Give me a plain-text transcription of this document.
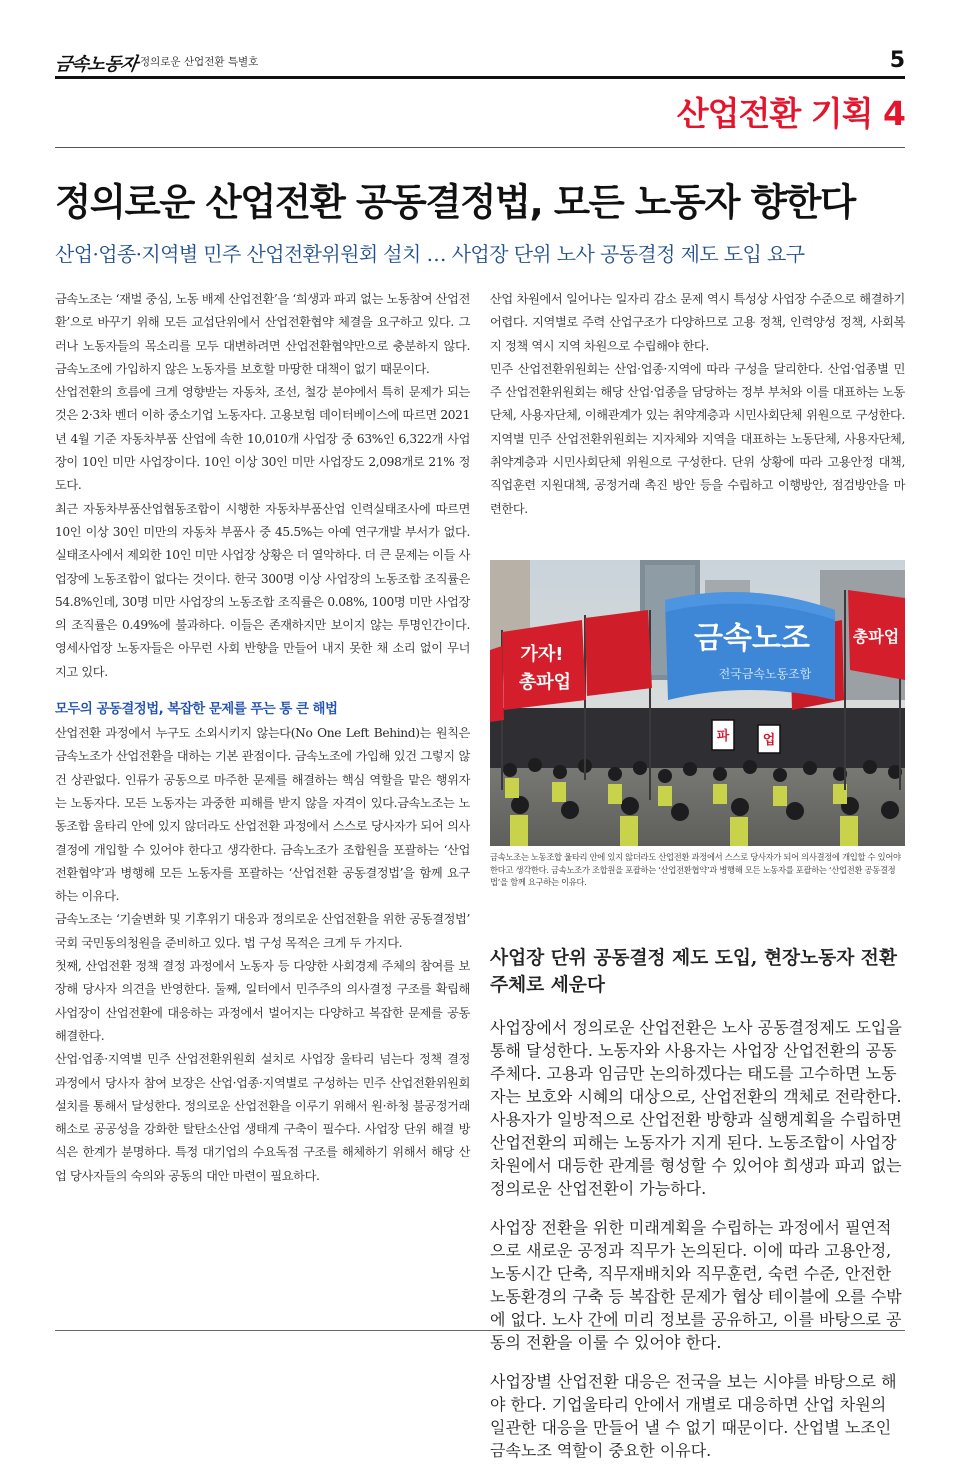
금속노동자 정의로운 산업전환 특별호	5
산업전환 기획 4
정의로운 산업전환 공동결정법, 모든 노동자 향한다
산업·업종·지역별 민주 산업전환위원회 설치 … 사업장 단위 노사 공동결정 제도 도입 요구

금속노조는 ‘재벌 중심, 노동 배제 산업전환’을 ‘희생과 파괴 없는 노동참여 산업전환’으로 바꾸기 위해 모든 교섭단위에서 산업전환협약 체결을 요구하고 있다. 그러나 노동자들의 목소리를 모두 대변하려면 산업전환협약만으로 충분하지 않다. 금속노조에 가입하지 않은 노동자를 보호할 마땅한 대책이 없기 때문이다.

산업전환의 흐름에 크게 영향받는 자동차, 조선, 철강 분야에서 특히 문제가 되는 것은 2·3차 벤더 이하 중소기업 노동자다. 고용보험 데이터베이스에 따르면 2021년 4월 기준 자동차부품 산업에 속한 10,010개 사업장 중 63%인 6,322개 사업장이 10인 미만 사업장이다. 10인 이상 30인 미만 사업장도 2,098개로 21% 정도다.

최근 자동차부품산업협동조합이 시행한 자동차부품산업 인력실태조사에 따르면 10인 이상 30인 미만의 자동차 부품사 중 45.5%는 아예 연구개발 부서가 없다. 실태조사에서 제외한 10인 미만 사업장 상황은 더 열악하다. 더 큰 문제는 이들 사업장에 노동조합이 없다는 것이다. 한국 300명 이상 사업장의 노동조합 조직률은 54.8%인데, 30명 미만 사업장의 노동조합 조직률은 0.08%, 100명 미만 사업장의 조직률은 0.49%에 불과하다. 이들은 존재하지만 보이지 않는 투명인간이다. 영세사업장 노동자들은 아무런 사회 반향을 만들어 내지 못한 채 소리 없이 무너지고 있다.

모두의 공동결정법, 복잡한 문제를 푸는 통 큰 해법

산업전환 과정에서 누구도 소외시키지 않는다(No One Left Behind)는 원칙은 금속노조가 산업전환을 대하는 기본 관점이다. 금속노조에 가입해 있건 그렇지 않건 상관없다. 인류가 공동으로 마주한 문제를 해결하는 핵심 역할을 맡은 행위자는 노동자다. 모든 노동자는 과중한 피해를 받지 않을 자격이 있다.금속노조는 노동조합 울타리 안에 있지 않더라도 산업전환 과정에서 스스로 당사자가 되어 의사결정에 개입할 수 있어야 한다고 생각한다. 금속노조가 조합원을 포괄하는 ‘산업전환협약’과 병행해 모든 노동자를 포괄하는 ‘산업전환 공동결정법’을 함께 요구하는 이유다.

금속노조는 ‘기술변화 및 기후위기 대응과 정의로운 산업전환을 위한 공동결정법’ 국회 국민동의청원을 준비하고 있다. 법 구성 목적은 크게 두 가지다.

첫째, 산업전환 정책 결정 과정에서 노동자 등 다양한 사회경제 주체의 참여를 보장해 당사자 의견을 반영한다. 둘째, 일터에서 민주주의 의사결정 구조를 확립해 사업장이 산업전환에 대응하는 과정에서 벌어지는 다양하고 복잡한 문제를 공동 해결한다.

산업·업종·지역별 민주 산업전환위원회 설치로 사업장 울타리 넘는다 정책 결정 과정에서 당사자 참여 보장은 산업·업종·지역별로 구성하는 민주 산업전환위원회 설치를 통해서 달성한다. 정의로운 산업전환을 이루기 위해서 원·하청 불공정거래 해소로 공공성을 강화한 탈탄소산업 생태계 구축이 필수다. 사업장 단위 해결 방식은 한계가 분명하다. 특정 대기업의 수요독점 구조를 해체하기 위해서 해당 산업 당사자들의 숙의와 공동의 대안 마련이 필요하다.

산업 차원에서 일어나는 일자리 감소 문제 역시 특성상 사업장 수준으로 해결하기 어렵다. 지역별로 주력 산업구조가 다양하므로 고용 정책, 인력양성 정책, 사회복지 정책 역시 지역 차원으로 수립해야 한다.

민주 산업전환위원회는 산업·업종·지역에 따라 구성을 달리한다. 산업·업종별 민주 산업전환위원회는 해당 산업·업종을 담당하는 정부 부처와 이를 대표하는 노동단체, 사용자단체, 이해관계가 있는 취약계층과 시민사회단체 위원으로 구성한다.지역별 민주 산업전환위원회는 지자체와 지역을 대표하는 노동단체, 사용자단체, 취약계층과 시민사회단체 위원으로 구성한다. 단위 상황에 따라 고용안정 대책, 직업훈련 지원대책, 공정거래 촉진 방안 등을 수립하고 이행방안, 점검방안을 마련한다.

파	업
가자!
총파업
총파업
금속노조
전국금속노동조합
금속노조는 노동조합 울타리 안에 있지 않더라도 산업전환 과정에서 스스로 당사자가 되어 의사결정에 개입할 수 있어야 한다고 생각한다. 금속노조가 조합원을 포괄하는 ‘산업전환협약’과 병행해 모든 노동자를 포괄하는 ‘산업전환 공동결정법’을 함께 요구하는 이유다.
사업장 단위 공동결정 제도 도입, 현장노동자 전환 주체로 세운다

사업장에서 정의로운 산업전환은 노사 공동결정제도 도입을 통해 달성한다. 노동자와 사용자는 사업장 산업전환의 공동 주체다. 고용과 임금만 논의하겠다는 태도를 고수하면 노동자는 보호와 시혜의 대상으로, 산업전환의 객체로 전락한다. 사용자가 일방적으로 산업전환 방향과 실행계획을 수립하면 산업전환의 피해는 노동자가 지게 된다. 노동조합이 사업장 차원에서 대등한 관계를 형성할 수 있어야 희생과 파괴 없는 정의로운 산업전환이 가능하다.

사업장 전환을 위한 미래계획을 수립하는 과정에서 필연적으로 새로운 공정과 직무가 논의된다. 이에 따라 고용안정, 노동시간 단축, 직무재배치와 직무훈련, 숙련 수준, 안전한 노동환경의 구축 등 복잡한 문제가 협상 테이블에 오를 수밖에 없다. 노사 간에 미리 정보를 공유하고, 이를 바탕으로 공동의 전환을 이룰 수 있어야 한다.

사업장별 산업전환 대응은 전국을 보는 시야를 바탕으로 해야 한다. 기업울타리 안에서 개별로 대응하면 산업 차원의 일관한 대응을 만들어 낼 수 없기 때문이다. 산업별 노조인 금속노조 역할이 중요한 이유다.
